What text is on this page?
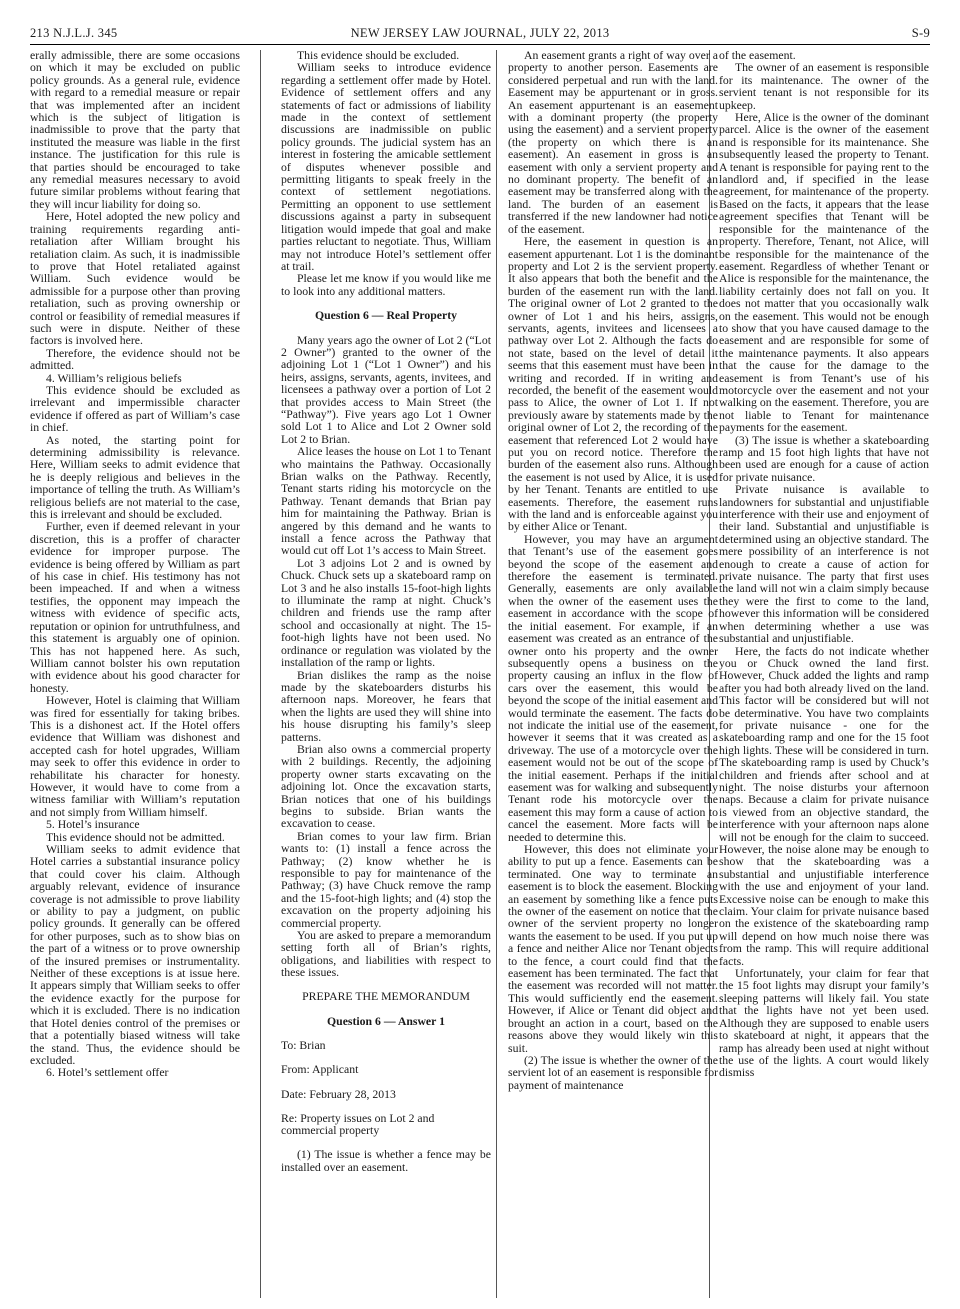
213 N.J.L.J. 345	NEW JERSEY LAW JOURNAL, JULY 22, 2013	S-9

erally admissible, there are some occasions on which it may be excluded on public policy grounds. As a general rule, evidence with regard to a remedial measure or repair that was implemented after an incident which is the subject of litigation is inadmissible to prove that the party that instituted the measure was liable in the first instance. The justification for this rule is that parties should be encouraged to take any remedial measures necessary to avoid future similar problems without fearing that they will incur liability for doing so.

Here, Hotel adopted the new policy and training requirements regarding anti-retaliation after William brought his retaliation claim. As such, it is inadmissible to prove that Hotel retaliated against William. Such evidence would be admissible for a purpose other than proving retaliation, such as proving ownership or control or feasibility of remedial measures if such were in dispute. Neither of these factors is involved here.

Therefore, the evidence should not be admitted.

4. William’s religious beliefs

This evidence should be excluded as irrelevant and impermissible character evidence if offered as part of William’s case in chief.

As noted, the starting point for determining admissibility is relevance. Here, William seeks to admit evidence that he is deeply religious and believes in the importance of telling the truth. As William’s religious beliefs are not material to the case, this is irrelevant and should be excluded.

Further, even if deemed relevant in your discretion, this is a proffer of character evidence for improper purpose. The evidence is being offered by William as part of his case in chief. His testimony has not been impeached. If and when a witness testifies, the opponent may impeach the witness with evidence of specific acts, reputation or opinion for untruthfulness, and this statement is arguably one of opinion. This has not happened here. As such, William cannot bolster his own reputation with evidence about his good character for honesty.

However, Hotel is claiming that William was fired for essentially for taking bribes. This is a dishonest act. If the Hotel offers evidence that William was dishonest and accepted cash for hotel upgrades, William may seek to offer this evidence in order to rehabilitate his character for honesty. However, it would have to come from a witness familiar with William’s reputation and not simply from William himself.

5. Hotel’s insurance

This evidence should not be admitted.

William seeks to admit evidence that Hotel carries a substantial insurance policy that could cover his claim. Although arguably relevant, evidence of insurance coverage is not admissible to prove liability or ability to pay a judgment, on public policy grounds. It generally can be offered for other purposes, such as to show bias on the part of a witness or to prove ownership of the insured premises or instrumentality. Neither of these exceptions is at issue here. It appears simply that William seeks to offer the evidence exactly for the purpose for which it is excluded. There is no indication that Hotel denies control of the premises or that a potentially biased witness will take the stand. Thus, the evidence should be excluded.

6. Hotel’s settlement offer

This evidence should be excluded.

William seeks to introduce evidence regarding a settlement offer made by Hotel. Evidence of settlement offers and any statements of fact or admissions of liability made in the context of settlement discussions are inadmissible on public policy grounds. The judicial system has an interest in fostering the amicable settlement of disputes whenever possible and permitting litigants to speak freely in the context of settlement negotiations. Permitting an opponent to use settlement discussions against a party in subsequent litigation would impede that goal and make parties reluctant to negotiate. Thus, William may not introduce Hotel’s settlement offer at trail.

Please let me know if you would like me to look into any additional matters.

Question 6 — Real Property

Many years ago the owner of Lot 2 (“Lot 2 Owner”) granted to the owner of the adjoining Lot 1 (“Lot 1 Owner”) and his heirs, assigns, servants, agents, invitees, and licensees a pathway over a portion of Lot 2 that provides access to Main Street (the “Pathway”). Five years ago Lot 1 Owner sold Lot 1 to Alice and Lot 2 Owner sold Lot 2 to Brian.

Alice leases the house on Lot 1 to Tenant who maintains the Pathway. Occasionally Brian walks on the Pathway. Recently, Tenant starts riding his motorcycle on the Pathway. Tenant demands that Brian pay him for maintaining the Pathway. Brian is angered by this demand and he wants to install a fence across the Pathway that would cut off Lot 1’s access to Main Street.

Lot 3 adjoins Lot 2 and is owned by Chuck. Chuck sets up a skateboard ramp on Lot 3 and he also installs 15-foot-high lights to illuminate the ramp at night. Chuck’s children and friends use the ramp after school and occasionally at night. The 15-foot-high lights have not been used. No ordinance or regulation was violated by the installation of the ramp or lights.

Brian dislikes the ramp as the noise made by the skateboarders disturbs his afternoon naps. Moreover, he fears that when the lights are used they will shine into his house disrupting his family’s sleep patterns.

Brian also owns a commercial property with 2 buildings. Recently, the adjoining property owner starts excavating on the adjoining lot. Once the excavation starts, Brian notices that one of his buildings begins to subside. Brian wants the excavation to cease.

Brian comes to your law firm. Brian wants to: (1) install a fence across the Pathway; (2) know whether he is responsible to pay for maintenance of the Pathway; (3) have Chuck remove the ramp and the 15-foot-high lights; and (4) stop the excavation on the property adjoining his commercial property.

You are asked to prepare a memorandum setting forth all of Brian’s rights, obligations, and liabilities with respect to these issues.

PREPARE THE MEMORANDUM

Question 6 — Answer 1

To: Brian

From: Applicant

Date: February 28, 2013

Re: Property issues on Lot 2 and commercial property

(1) The issue is whether a fence may be installed over an easement.

An easement grants a right of way over a property to another person. Easements are considered perpetual and run with the land. Easement may be appurtenant or in gross. An easement appurtenant is an easement with a dominant property (the property using the easement) and a servient property (the property on which there is an easement). An easement in gross is an easement with only a servient property and no dominant property. The benefit of an easement may be transferred along with the land. The burden of an easement is transferred if the new landowner had notice of the easement.

Here, the easement in question is an easement appurtenant. Lot 1 is the dominant property and Lot 2 is the servient property. It also appears that both the benefit and the burden of the easement run with the land. The original owner of Lot 2 granted to the owner of Lot 1 and his heirs, assigns, servants, agents, invitees and licensees a pathway over Lot 2. Although the facts do not state, based on the level of detail it seems that this easement must have been in writing and recorded. If in writing and recorded, the benefit of the easement would pass to Alice, the owner of Lot 1. If not previously aware by statements made by the original owner of Lot 2, the recording of the easement that referenced Lot 2 would have put you on record notice. Therefore the burden of the easement also runs. Although the easement is not used by Alice, it is used by her Tenant. Tenants are entitled to use easements. Therefore, the easement runs with the land and is enforceable against you by either Alice or Tenant.

However, you may have an argument that Tenant’s use of the easement goes beyond the scope of the easement and therefore the easement is terminated. Generally, easements are only available when the owner of the easement uses the easement in accordance with the scope of the initial easement. For example, if an easement was created as an entrance of the owner onto his property and the owner subsequently opens a business on the property causing an influx in the flow of cars over the easement, this would be beyond the scope of the initial easement and would terminate the easement. The facts do not indicate the initial use of the easement, however it seems that it was created as a driveway. The use of a motorcycle over the easement would not be out of the scope of the initial easement. Perhaps if the initial easement was for walking and subsequently Tenant rode his motorcycle over the easement this may form a cause of action to cancel the easement. More facts will be needed to determine this.

However, this does not eliminate your ability to put up a fence. Easements can be terminated. One way to terminate an easement is to block the easement. Blocking an easement by something like a fence puts the owner of the easement on notice that the owner of the servient property no longer wants the easement to be used. If you put up a fence and neither Alice nor Tenant objects to the fence, a court could find that the easement has been terminated. The fact that the easement was recorded will not matter. This would sufficiently end the easement. However, if Alice or Tenant did object and brought an action in a court, based on the reasons above they would likely win this suit.

(2) The issue is whether the owner of the servient lot of an easement is responsible for payment of maintenance

of the easement.

The owner of an easement is responsible for its maintenance. The owner of the servient tenant is not responsible for its upkeep.

Here, Alice is the owner of the dominant parcel. Alice is the owner of the easement and is responsible for its maintenance. She subsequently leased the property to Tenant. A tenant is responsible for paying rent to the landlord and, if specified in the lease agreement, for maintenance of the property. Based on the facts, it appears that the lease agreement specifies that Tenant will be responsible for the maintenance of the property. Therefore, Tenant, not Alice, will be responsible for the maintenance of the easement. Regardless of whether Tenant or Alice is responsible for the maintenance, the liability certainly does not fall on you. It does not matter that you occasionally walk on the easement. This would not be enough to show that you have caused damage to the easement and are responsible for some of the maintenance payments. It also appears that the cause for the damage to the easement is from Tenant’s use of his motorcycle over the easement and not your walking on the easement. Therefore, you are not liable to Tenant for maintenance payments for the easement.

(3) The issue is whether a skateboarding ramp and 15 foot high lights that have not been used are enough for a cause of action for private nuisance.

Private nuisance is available to landowners for substantial and unjustifiable interference with their use and enjoyment of their land. Substantial and unjustifiable is determined using an objective standard. The mere possibility of an interference is not enough to create a cause of action for private nuisance. The party that first uses the land will not win a claim simply because they were the first to come to the land, however this information will be considered when determining whether a use was substantial and unjustifiable.

Here, the facts do not indicate whether you or Chuck owned the land first. However, Chuck added the lights and ramp after you had both already lived on the land. This factor will be considered but will not be determinative. You have two complaints for private nuisance - one for the skateboarding ramp and one for the 15 foot high lights. These will be considered in turn. The skateboarding ramp is used by Chuck’s children and friends after school and at night. The noise disturbs your afternoon naps. Because a claim for private nuisance is viewed from an objective standard, the interference with your afternoon naps alone will not be enough for the claim to succeed. However, the noise alone may be enough to show that the skateboarding was a substantial and unjustifiable interference with the use and enjoyment of your land. Excessive noise can be enough to make this claim. Your claim for private nuisance based on the existence of the skateboarding ramp will depend on how much noise there was from the ramp. This will require additional facts.

Unfortunately, your claim for fear that the 15 foot lights may disrupt your family’s sleeping patterns will likely fail. You state that the lights have not yet been used. Although they are supposed to enable users to skateboard at night, it appears that the ramp has already been used at night without the use of the lights. A court would likely dismiss
